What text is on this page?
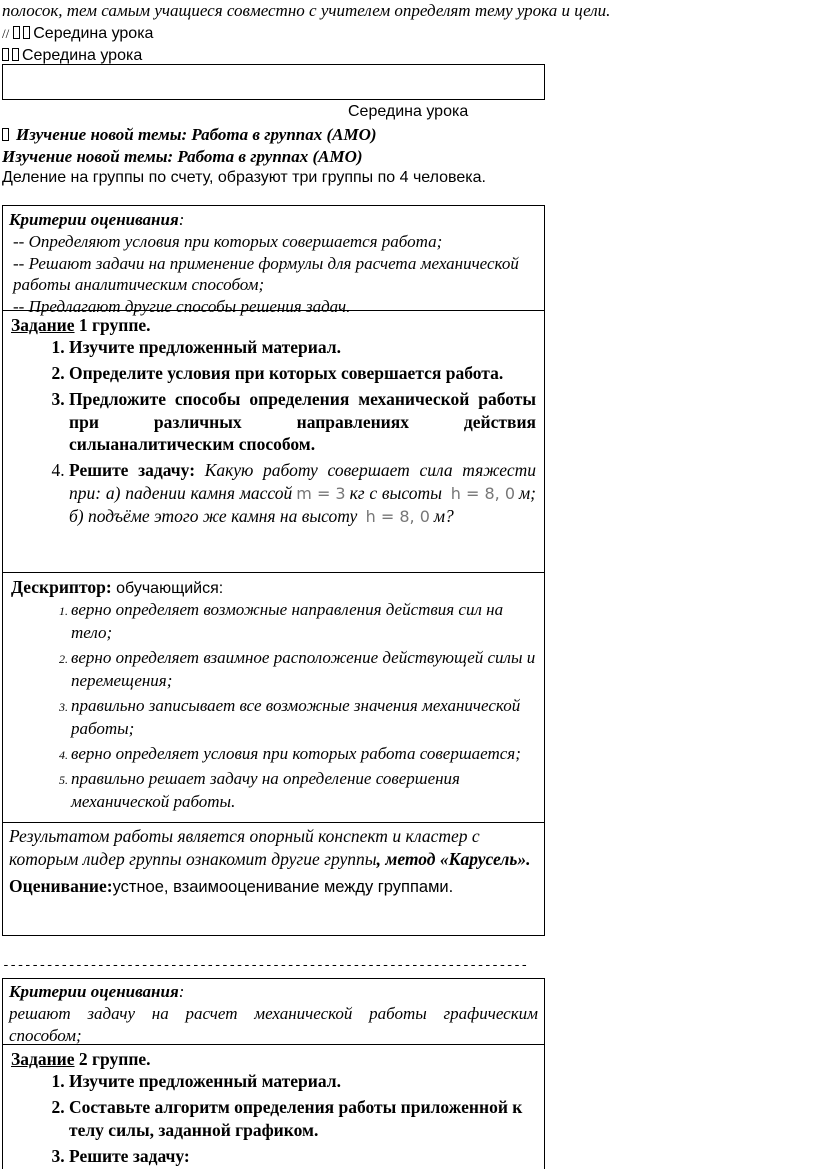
полосок, тем самым учащиеся совместно с учителем определят тему урока и цели.
// Середина урока
Середина урока
Середина урока
Изучение новой темы: Работа в группах (АМО)
Изучение новой темы: Работа в группах (АМО)
Деление на группы по счету, образуют три группы по 4 человека.
Критерии оценивания:
-- Определяют условия при которых совершается работа;
-- Решают задачи на применение формулы для расчета механической работы аналитическим способом;
-- Предлагают другие способы решения задач.
Задание 1 группе.
1. Изучите предложенный материал.
2. Определите условия при которых совершается работа.
3. Предложите способы определения механической работы при различных направлениях действия силыаналитическим способом.
4. Решите задачу: Какую работу совершает сила тяжести при: а) падении камня массой m = 3 кг с высоты h = 8, 0 м; б) подъёме этого же камня на высоту h = 8, 0 м?
Дескриптор: обучающийся:
1. верно определяет возможные направления действия сил на тело;
2. верно определяет взаимное расположение действующей силы и перемещения;
3. правильно записывает все возможные значения механической работы;
4. верно определяет условия при которых работа совершается;
5. правильно решает задачу на определение совершения механической работы.
Результатом работы является опорный конспект и кластер с которым лидер группы ознакомит другие группы, метод «Карусель».
Оценивание:устное, взаимооценивание между группами.
------------------------------------------------------------------------
Критерии оценивания:
решают задачу на расчет механической работы графическим способом;
Задание 2 группе.
1. Изучите предложенный материал.
2. Составьте алгоритм определения работы приложенной к телу силы, заданной графиком.
3. Решите задачу:
